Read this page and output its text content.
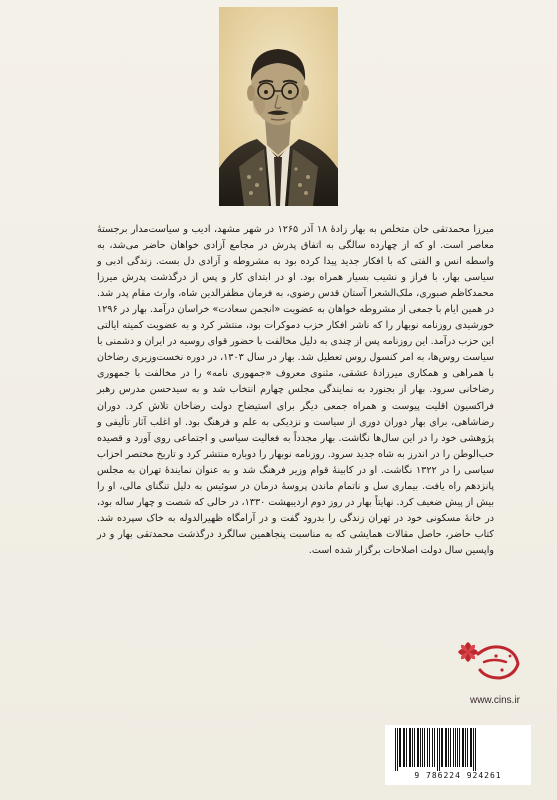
میرزا محمدتقی خان متخلص به بهار زادهٔ ۱۸ آذر ۱۲۶۵ در شهر مشهد، ادیب و سیاست‌مدار برجستهٔ معاصر است. او که از چهارده سالگی به اتفاق پدرش در مجامع آزادی خواهان حاضر می‌شد، به واسطه انس و الفتی که با افکار جدید پیدا کرده بود به مشروطه و آزادی دل بست. زندگی ادبی و سیاسی بهار، با فراز و نشیب بسیار همراه بود. او در ابتدای کار و پس از درگذشت پدرش میرزا محمدکاظم صبوری، ملک‌الشعرا آستان قدس رضوی، به فرمان مظفرالدین شاه، وارث مقام پدر شد. در همین ایام با جمعی از مشروطه خواهان به عضویت «انجمن سعادت» خراسان درآمد. بهار در ۱۲۹۶ خورشیدی روزنامه نوبهار را که ناشر افکار حزب دموکرات بود، منتشر کرد و به عضویت کمیته ایالتی این حزب درآمد. این روزنامه پس از چندی به دلیل مخالفت با حضور قوای روسیه در ایران و دشمنی با سیاست روس‌ها، به امر کنسول روس تعطیل شد. بهار در سال ۱۳۰۳، در دوره نخست‌وزیری رضاخان با همراهی و همکاری میرزادهٔ عشقی، مثنوی معروف «جمهوری نامه» را در مخالفت با جمهوری رضاخانی سرود. بهار از بجنورد به نمایندگی مجلس چهارم انتخاب شد و به سیدحسن مدرس رهبر فراکسیون اقلیت پیوست و همراه جمعی دیگر برای استیضاح دولت رضاخان تلاش کرد. دوران رضاشاهی، برای بهار دوران دوری از سیاست و نزدیکی به علم و فرهنگ بود. او اغلب آثار تألیفی و پژوهشی خود را در این سال‌ها نگاشت. بهار مجدداً به فعالیت سیاسی و اجتماعی روی آورد و قصیده حب‌الوطن را در اندرز به شاه جدید سرود. روزنامه نوبهار را دوباره منتشر کرد و تاریخ مختصر احزاب سیاسی را در ۱۳۲۲ نگاشت. او در کابینهٔ قوام وزیر فرهنگ شد و به عنوان نمایندهٔ تهران به مجلس پانزدهم راه یافت. بیماری سل و ناتمام ماندن پروسهٔ درمان در سوئیس به دلیل تنگنای مالی، او را بیش از پیش ضعیف کرد. نهایتاً بهار در روز دوم اردیبهشت ۱۳۳۰، در حالی که شصت و چهار ساله بود، در خانهٔ مسکونی خود در تهران زندگی را بدرود گفت و در آرامگاه ظهیرالدوله به خاک سپرده شد. کتاب حاضر، حاصل مقالات همایشی که به مناسبت پنجاهمین سالگرد درگذشت محمدتقی بهار و در واپسین سال دولت اصلاحات برگزار شده است.
www.cins.ir
9 786224 924261
